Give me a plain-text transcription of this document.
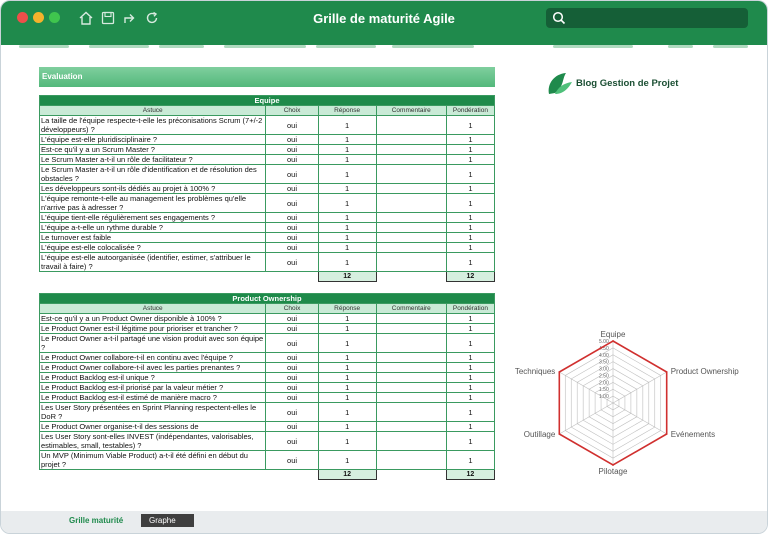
Grille de maturité Agile
Evaluation
Equipe				
Astuce	Choix	Réponse	Commentaire	Pondération
La taille de l'équipe respecte-t-elle les préconisations Scrum (7+/-2 développeurs) ?	oui	1		1
L'équipe est-elle pluridisciplinaire ?	oui	1		1
Est-ce qu'il y a un Scrum Master ?	oui	1		1
Le Scrum Master a-t-il un rôle de facilitateur ?	oui	1		1
Le Scrum Master a-t-il un rôle d'identification et de résolution des obstacles ?	oui	1		1
Les développeurs sont-ils dédiés au projet à 100% ?	oui	1		1
L'équipe remonte-t-elle au management les problèmes qu'elle n'arrive pas à adresser ?	oui	1		1
L'équipe tient-elle régulièrement ses engagements ?	oui	1		1
L'équipe a-t-elle un rythme durable ?	oui	1		1
Le turnover est faible	oui	1		1
L'équipe est-elle colocalisée ?	oui	1		1
L'équipe est-elle autoorganisée (identifier, estimer, s'attribuer le travail à faire) ?	oui	1		1
		12		12
Product Ownership				
Astuce	Choix	Réponse	Commentaire	Pondération
Est-ce qu'il y a un Product Owner disponible à 100% ?	oui	1		1
Le Product Owner est-il légitime pour prioriser et trancher ?	oui	1		1
Le Product Owner a-t-il partagé une vision produit avec son équipe ?	oui	1		1
Le Product Owner collabore-t-il en continu avec l'équipe ?	oui	1		1
Le Product Owner collabore-t-il avec les parties prenantes ?	oui	1		1
Le Product Backlog est-il unique ?	oui	1		1
Le Product Backlog est-il priorisé par la valeur métier ?	oui	1		1
Le Product Backlog est-il estimé de manière macro ?	oui	1		1
Les User Story présentées en Sprint Planning respectent-elles le DoR ?	oui	1		1
Le Product Owner organise-t-il des sessions de	oui	1		1
Les User Story sont-elles INVEST (indépendantes, valorisables, estimables, small, testables) ?	oui	1		1
Un MVP (Minimum Viable Product) a-t-il été défini en début du projet ?	oui	1		1
		12		12
Blog Gestion de Projet
1.00
1.50
2.00
2.50
3.00
3.50
4.00
4.50
5.00
Equipe
Product Ownership
Evénements
Pilotage
Outillage
Techniques
Grille maturité	Graphe
